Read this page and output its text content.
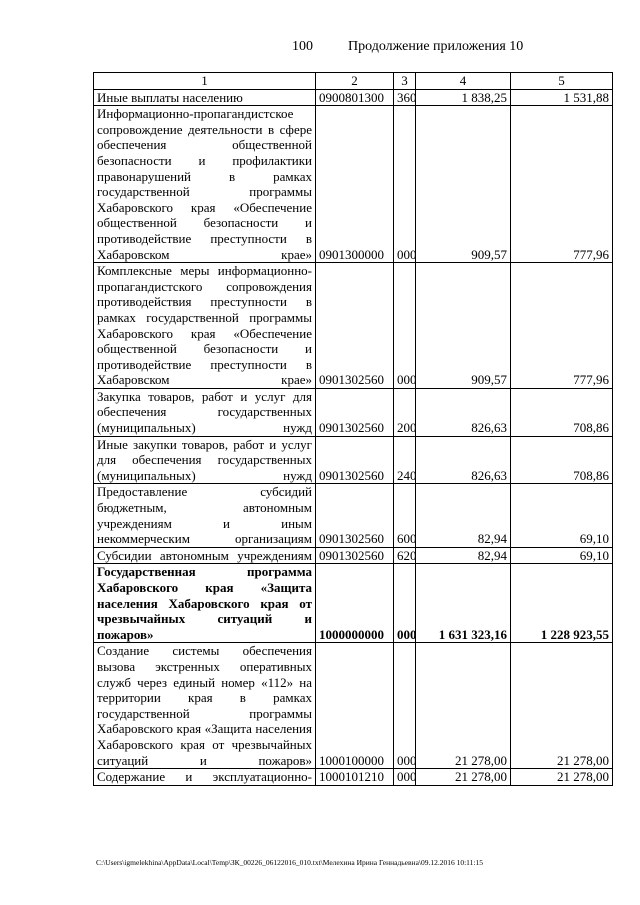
100	Продолжение приложения 10
1	2	3	4	5
Иные выплаты населению	0900801300	360	1 838,25	1 531,88
Информационно-пропагандистское сопровождение деятельности в сфере обеспечения общественной безопасности и профилактики правонарушений в рамках государственной программы Хабаровского края «Обеспечение общественной безопасности и противодействие преступности в Хабаровском крае»	0901300000	000	909,57	777,96
Комплексные меры информационно-пропагандистского сопровождения противодействия преступности в рамках государственной программы Хабаровского края «Обеспечение общественной безопасности и противодействие преступности в Хабаровском крае»	0901302560	000	909,57	777,96
Закупка товаров, работ и услуг для обеспечения государственных (муниципальных) нужд	0901302560	200	826,63	708,86
Иные закупки товаров, работ и услуг для обеспечения государственных (муниципальных) нужд	0901302560	240	826,63	708,86
Предоставление субсидий бюджетным, автономным учреждениям и иным некоммерческим организациям	0901302560	600	82,94	69,10
Субсидии автономным учреждениям	0901302560	620	82,94	69,10
Государственная программа Хабаровского края «Защита населения Хабаровского края от чрезвычайных ситуаций и пожаров»	1000000000	000	1 631 323,16	1 228 923,55
Создание системы обеспечения вызова экстренных оперативных служб через единый номер «112» на территории края в рамках государственной программы Хабаровского края «Защита населения Хабаровского края от чрезвычайных ситуаций и пожаров»	1000100000	000	21 278,00	21 278,00
Содержание и эксплуатационно-	1000101210	000	21 278,00	21 278,00
C:\Users\igmelekhina\AppData\Local\Temp\ЗК_00226_06122016_010.txt\Мелехина Ирина Геннадьевна\09.12.2016 10:11:15
